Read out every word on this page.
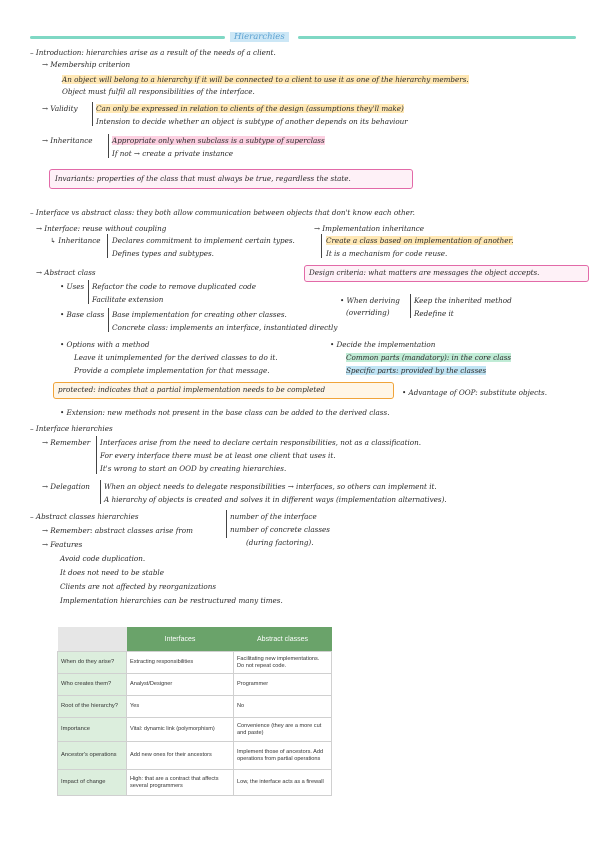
Hierarchies
– Introduction: hierarchies arise as a result of the needs of a client.
→ Membership criterion
An object will belong to a hierarchy if it will be connected to a client to use it as one of the hierarchy members.
Object must fulfil all responsibilities of the interface.
→ Validity	Can only be expressed in relation to clients of the design (assumptions they'll make)
Intension to decide whether an object is subtype of another depends on its behaviour
→ Inheritance	Appropriate only when subclass is a subtype of superclass
If not → create a private instance
Invariants: properties of the class that must always be true, regardless the state.
– Interface vs abstract class: they both allow communication between objects that don't know each other.
→ Interface: reuse without coupling
↳ Inheritance Declares commitment to implement certain types.
Defines types and subtypes.
→ Implementation inheritance
Create a class based on implementation of another.
It is a mechanism for code reuse.
→ Abstract class	Design criteria: what matters are messages the object accepts.
• Uses Refactor the code to remove duplicated code
Facilitate extension
• Base class Base implementation for creating other classes.
Concrete class: implements an interface, instantiated directly
• When deriving
(overriding)
Keep the inherited method
Redefine it
• Options with a method
Leave it unimplemented for the derived classes to do it.
Provide a complete implementation for that message.
• Decide the implementation
Common parts (mandatory): in the core class
Specific parts: provided by the classes
protected: indicates that a partial implementation needs to be completed	• Advantage of OOP: substitute objects.
• Extension: new methods not present in the base class can be added to the derived class.
– Interface hierarchies
→ Remember Interfaces arise from the need to declare certain responsibilities, not as a classification.
For every interface there must be at least one client that uses it.
It's wrong to start an OOD by creating hierarchies.
→ Delegation When an object needs to delegate responsibilities → interfaces, so others can implement it.
A hierarchy of objects is created and solves it in different ways (implementation alternatives).
– Abstract classes hierarchies
→ Remember: abstract classes arise from
number of the interface
number of concrete classes
(during factoring).
→ Features
Avoid code duplication.
It does not need to be stable
Clients are not affected by reorganizations
Implementation hierarchies can be restructured many times.
	Interfaces	Abstract classes
When do they arise?	Extracting responsibilities	Facilitating new implementations. Do not repeat code.
Who creates them?	Analyst/Designer	Programmer
Root of the hierarchy?	Yes	No
Importance	Vital: dynamic link (polymorphism)	Convenience (they are a more cut and paste)
Ancestor's operations	Add new ones for their ancestors	Implement those of ancestors. Add operations from partial operations
Impact of change	High: that are a contract that affects several programmers	Low, the interface acts as a firewall
